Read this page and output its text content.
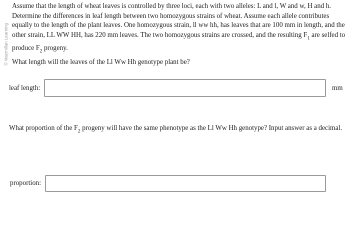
© Macmillan Learning

Assume that the length of wheat leaves is controlled by three loci, each with two alleles: L and l, W and w, H and h. Determine the differences in leaf length between two homozygous strains of wheat. Assume each allele contributes equally to the length of the plant leaves. One homozygous strain, ll ww hh, has leaves that are 100 mm in length, and the other strain, LL WW HH, has 220 mm leaves. The two homozygous strains are crossed, and the resulting $F_1$ are selfed to produce $F_2$ progeny.

What length will the leaves of the Ll Ww Hh genotype plant be?

leaf length:	mm
What proportion of the $F_2$ progeny will have the same phenotype as the Ll Ww Hh genotype? Input answer as a decimal.
proportion:
